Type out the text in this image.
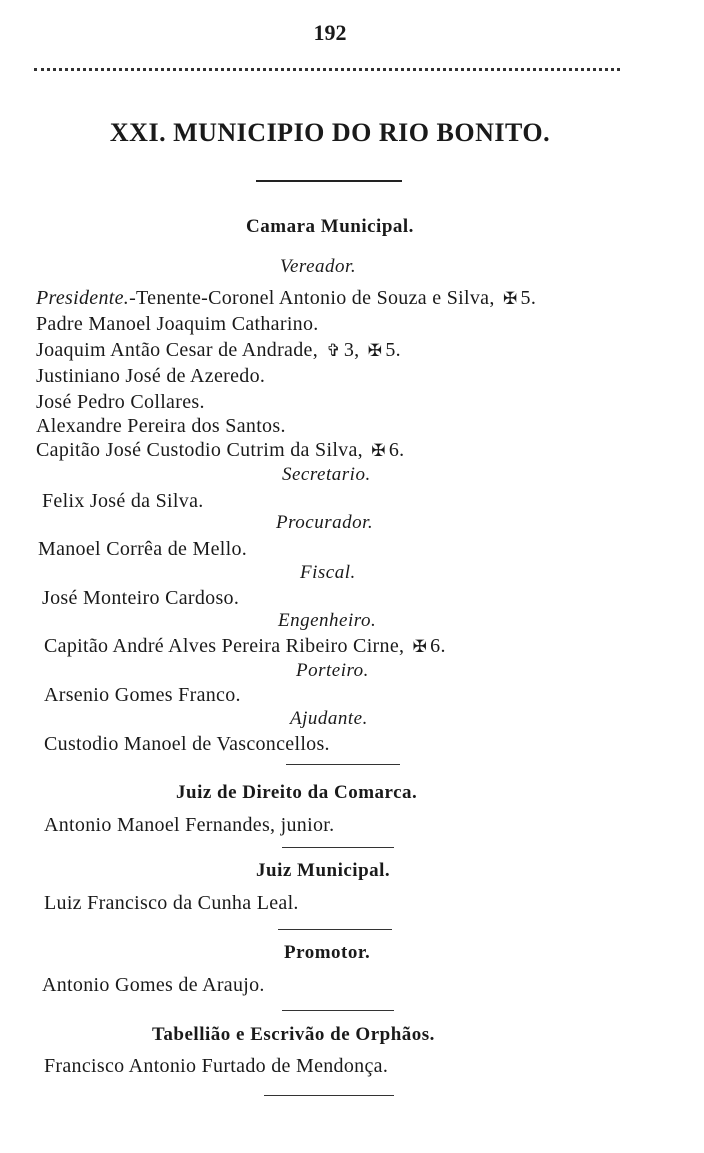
192
XXI. MUNICIPIO DO RIO BONITO.
Camara Municipal.
Vereador.
Presidente.-Tenente-Coronel Antonio de Souza e Silva, ✠ 5.
Padre Manoel Joaquim Catharino.
Joaquim Antão Cesar de Andrade, ✞ 3, ✠ 5.
Justiniano José de Azeredo.
José Pedro Collares.
Alexandre Pereira dos Santos.
Capitão José Custodio Cutrim da Silva, ✠ 6.
Secretario.
Felix José da Silva.
Procurador.
Manoel Corrêa de Mello.
Fiscal.
José Monteiro Cardoso.
Engenheiro.
Capitão André Alves Pereira Ribeiro Cirne, ✠ 6.
Porteiro.
Arsenio Gomes Franco.
Ajudante.
Custodio Manoel de Vasconcellos.
Juiz de Direito da Comarca.
Antonio Manoel Fernandes, junior.
Juiz Municipal.
Luiz Francisco da Cunha Leal.
Promotor.
Antonio Gomes de Araujo.
Tabellião e Escrivão de Orphãos.
Francisco Antonio Furtado de Mendonça.
